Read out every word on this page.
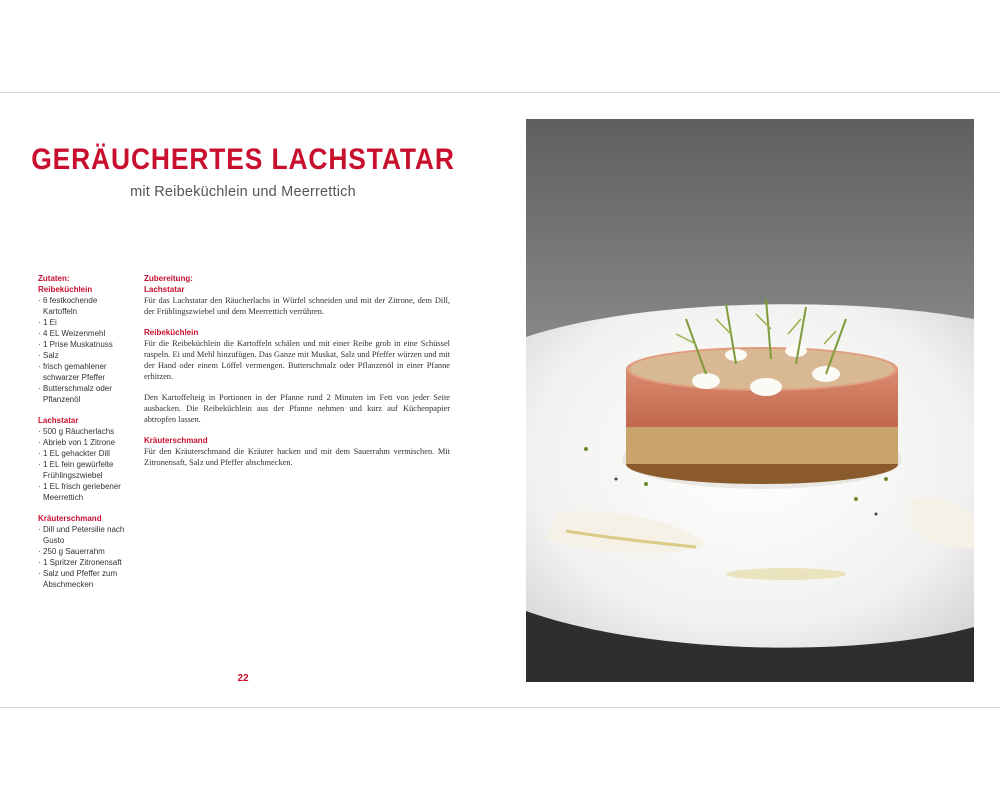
GERÄUCHERTES LACHSTATAR
mit Reibeküchlein und Meerrettich
Zutaten:
Reibeküchlein
· 6 festkochende Kartoffeln
· 1 Ei
· 4 EL Weizenmehl
· 1 Prise Muskatnuss
· Salz
· frisch gemahlener schwarzer Pfeffer
· Butterschmalz oder Pflanzenöl
Lachstatar
· 500 g Räucherlachs
· Abrieb von 1 Zitrone
· 1 EL gehackter Dill
· 1 EL fein gewürfelte Frühlingszwiebel
· 1 EL frisch geriebener Meerrettich
Kräuterschmand
· Dill und Petersilie nach Gusto
· 250 g Sauerrahm
· 1 Spritzer Zitronensaft
· Salz und Pfeffer zum Abschmecken
Zubereitung:
Lachstatar

Für das Lachstatar den Räucherlachs in Würfel schneiden und mit der Zitrone, dem Dill, der Frühlingszwiebel und dem Meerrettich verrühren.

Reibeküchlein

Für die Reibeküchlein die Kartoffeln schälen und mit einer Reibe grob in eine Schüssel raspeln. Ei und Mehl hinzufügen. Das Ganze mit Muskat, Salz und Pfeffer würzen und mit der Hand oder einem Löffel vermengen. Butterschmalz oder Pflanzenöl in einer Pfanne erhitzen.

Den Kartoffelteig in Portionen in der Pfanne rund 2 Minuten im Fett von jeder Seite ausbacken. Die Reibeküchlein aus der Pfanne nehmen und kurz auf Küchenpapier abtropfen lassen.

Kräuterschmand

Für den Kräuterschmand die Kräuter hacken und mit dem Sauerrahm vermischen. Mit Zitronensaft, Salz und Pfeffer abschmecken.

22
